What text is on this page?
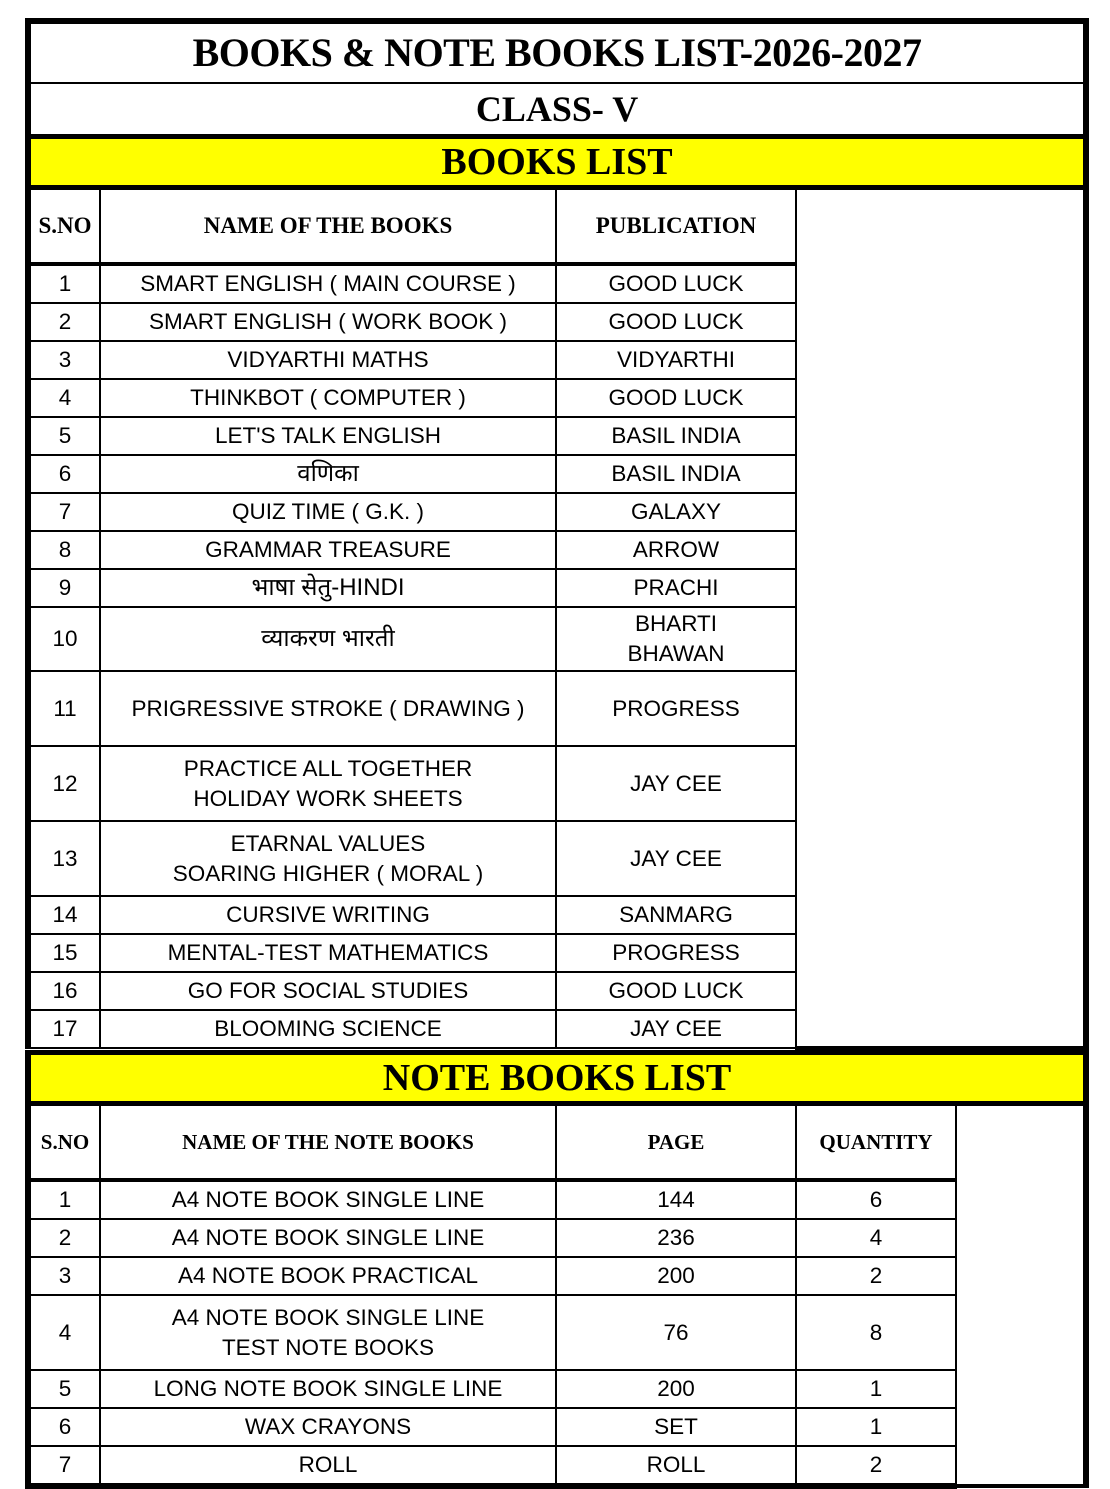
BOOKS & NOTE BOOKS LIST-2026-2027			
CLASS- V			
BOOKS LIST			
S.NO	NAME OF THE BOOKS	PUBLICATION	
1	SMART ENGLISH ( MAIN COURSE )	GOOD LUCK	
2	SMART ENGLISH ( WORK BOOK )	GOOD LUCK	
3	VIDYARTHI MATHS	VIDYARTHI	
4	THINKBOT ( COMPUTER )	GOOD LUCK	
5	LET'S TALK ENGLISH	BASIL INDIA	
6	वणिका	BASIL INDIA	
7	QUIZ TIME ( G.K. )	GALAXY	
8	GRAMMAR TREASURE	ARROW	
9	भाषा सेतु-HINDI	PRACHI	
10	व्याकरण भारती	BHARTI
BHAWAN	

11	PRIGRESSIVE STROKE ( DRAWING )	PROGRESS	
12	PRACTICE ALL TOGETHER
HOLIDAY WORK SHEETS	JAY CEE	
13	ETARNAL VALUES
SOARING HIGHER ( MORAL )	JAY CEE	
14	CURSIVE WRITING	SANMARG	
15	MENTAL-TEST MATHEMATICS	PROGRESS	
16	GO FOR SOCIAL STUDIES	GOOD LUCK	
17	BLOOMING SCIENCE	JAY CEE	
NOTE BOOKS LIST				
S.NO	NAME OF THE NOTE BOOKS	PAGE	QUANTITY	
1	A4 NOTE BOOK SINGLE LINE	144	6	
2	A4 NOTE BOOK SINGLE LINE	236	4	
3	A4 NOTE BOOK PRACTICAL	200	2	
4	A4 NOTE BOOK SINGLE LINE
TEST NOTE BOOKS	76	8	
5	LONG NOTE BOOK SINGLE LINE	200	1	
6	WAX CRAYONS	SET	1	
7	ROLL	ROLL	2	
